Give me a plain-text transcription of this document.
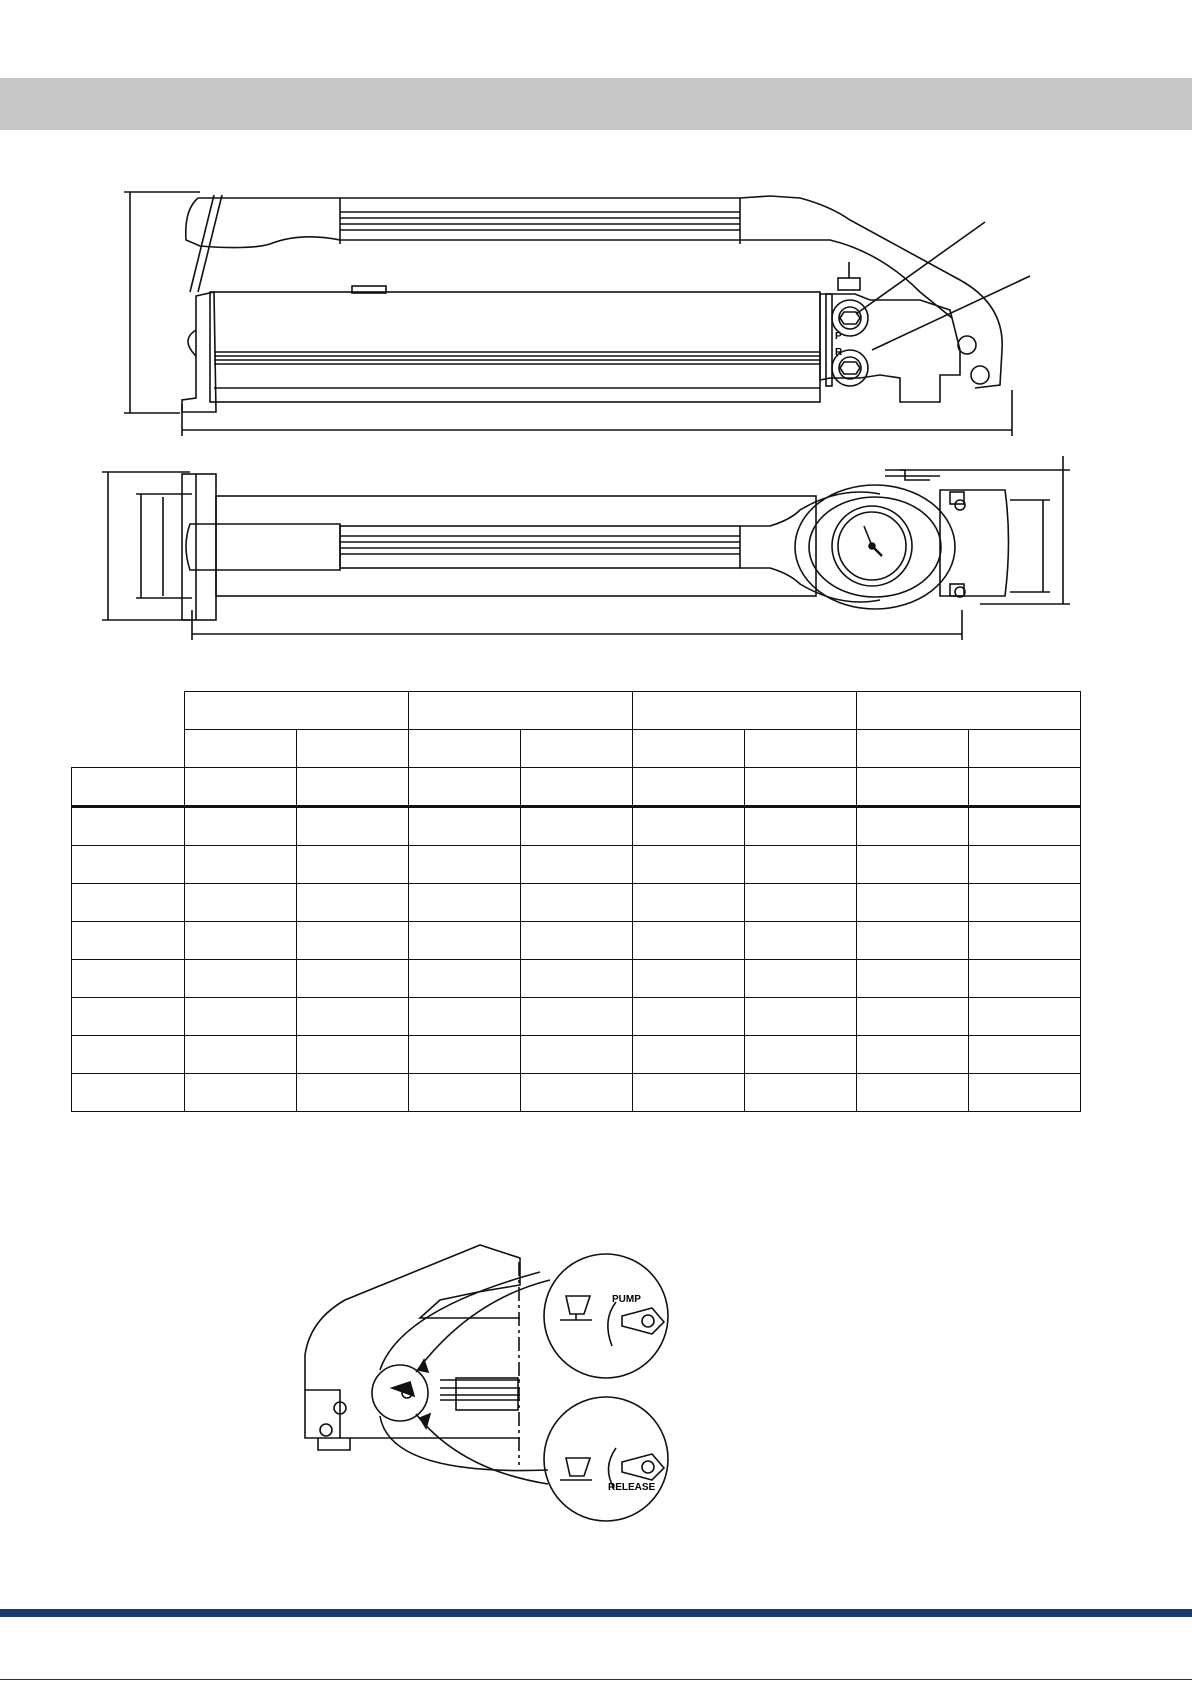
P
R
PUMP
RELEASE
